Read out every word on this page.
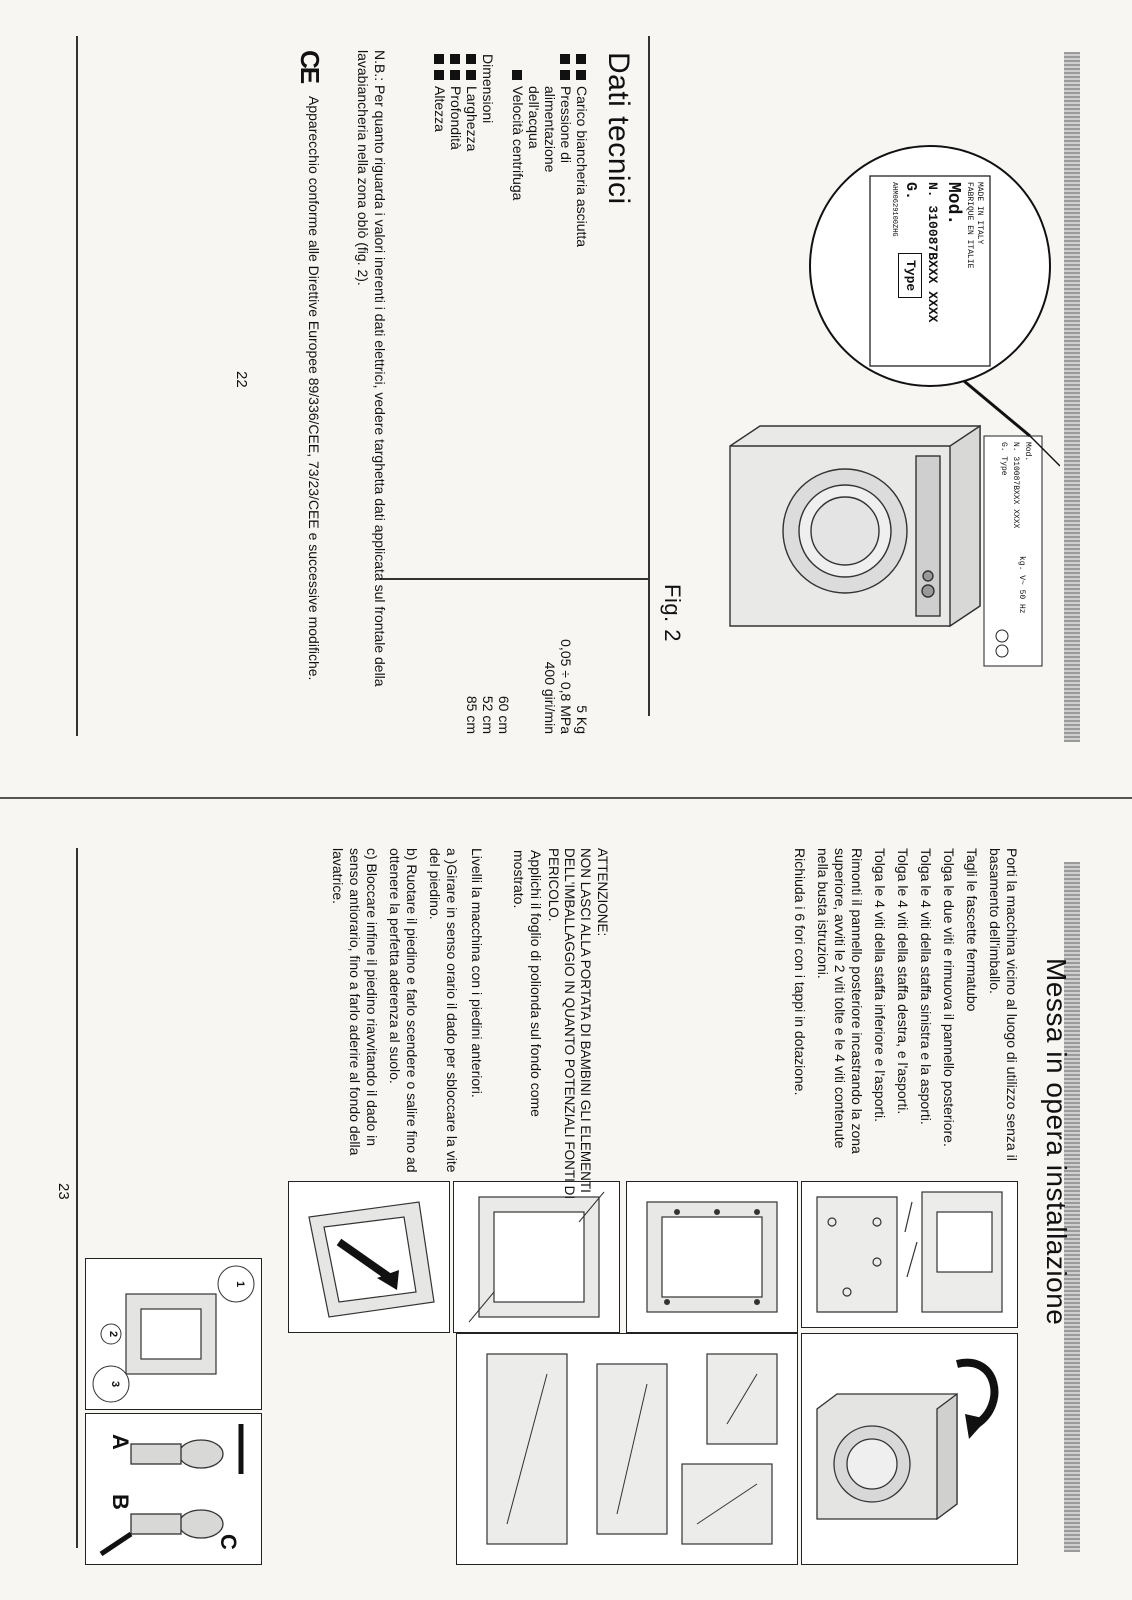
Mod.
N. 310087BXXX XXXX
G. Type
kg. V~ 50 Hz
MADE IN ITALY
FABRIQUE EN ITALIE
Mod.
N. 310087BXXX XXXX
G. Type
AHM0629100ZHG
Fig. 2
Dati tecnici
Carico biancheria asciutta
Pressione di alimentazione dell'acqua
Velocità centrifuga
Dimensioni
Larghezza
Profondità
Altezza
5 Kg
0,05 ÷ 0,8 MPa
400 giri/min
60 cm
52 cm
85 cm
N.B.: Per quanto riguarda i valori inerenti i dati elettrici, vedere targhetta dati applicata sul frontale della lavabiancheria nella zona oblò (fig. 2).
CE
Apparecchio conforme alle Direttive Europee 89/336/CEE, 73/23/CEE e successive modifiche.
22
Messa in opera installazione
Porti la macchina vicino al luogo di utilizzo senza il basamento dell'imballo.
Tagli le fascette fermatubo
Tolga le due viti e rimuova il pannello posteriore.
Tolga le 4 viti della staffa sinistra e la asporti.
Tolga le 4 viti della staffa destra, e l'asporti.
Tolga le 4 viti della staffa inferiore e l'asporti.
Rimonti il pannello posteriore incastrando la zona superiore, avviti le 2 viti tolte e le 4 viti contenute nella busta istruzioni.
Richiuda i 6 fori con i tappi in dotazione.
ATTENZIONE:
NON LASCI ALLA PORTATA DI BAMBINI GLI ELEMENTI DELL'IMBALLAGGIO IN QUANTO POTENZIALI FONTI DI PERICOLO.
Applichi il foglio di polionda sul fondo come mostrato.
Livelli la macchina con i piedini anteriori.
a )Girare in senso orario il dado per sbloccare la vite del piedino.
b) Ruotare il piedino e farlo scendere o salire fino ad ottenere la perfetta aderenza al suolo.
c) Bloccare infine il piedino riavvitando il dado in senso antiorario, fino a farlo aderire al fondo della lavatrice.
1
2
3
A
B
C
23
